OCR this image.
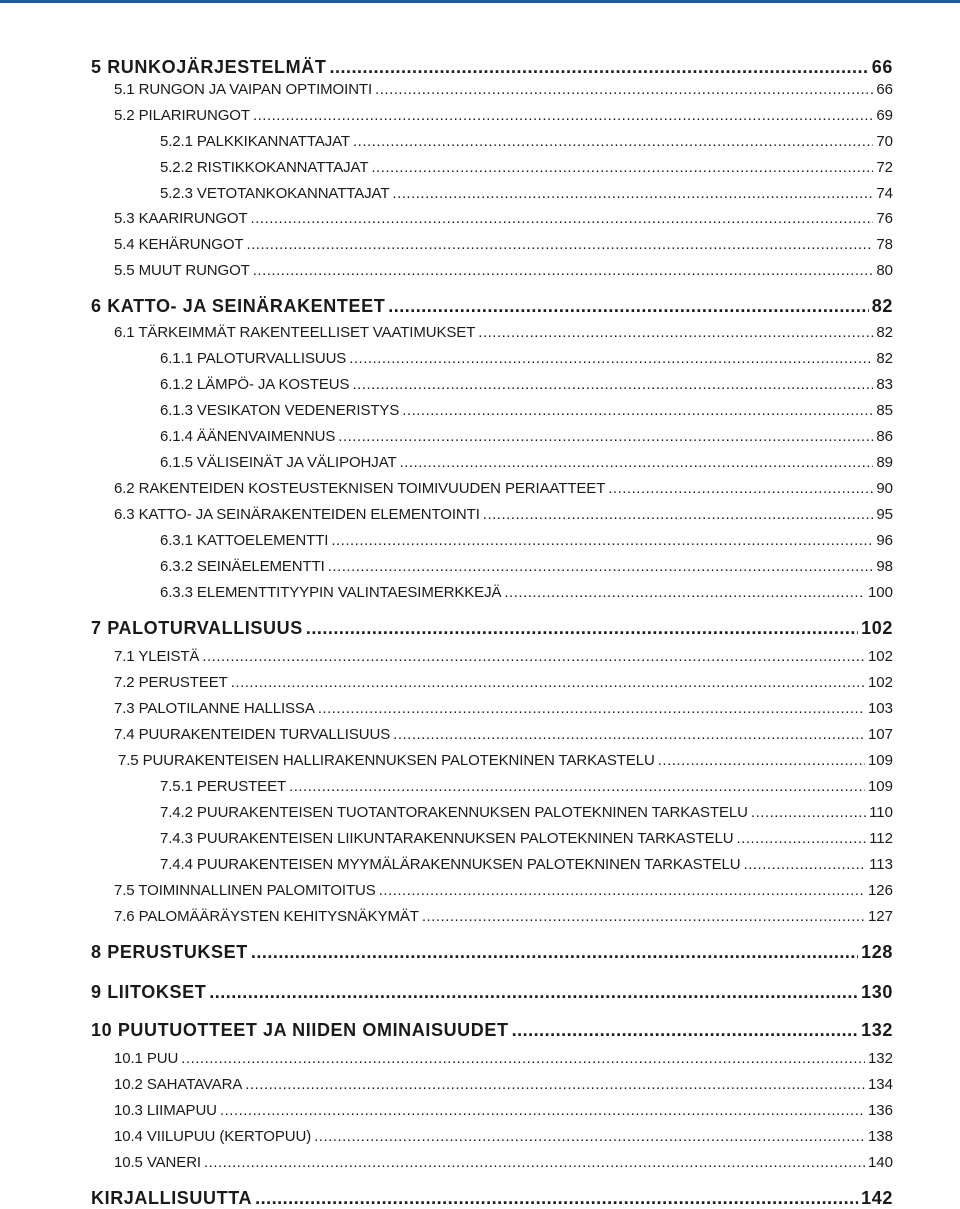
5 RUNKOJÄRJESTELMÄT .....	66
5.1 RUNGON JA VAIPAN OPTIMOINTI .....	66
5.2 PILARIRUNGOT .....	69
5.2.1 PALKKIKANNATTAJAT .....	70
5.2.2 RISTIKKOKANNATTAJAT .....	72
5.2.3 VETOTANKOKANNATTAJAT .....	74
5.3 KAARIRUNGOT .....	76
5.4 KEHÄRUNGOT .....	78
5.5 MUUT RUNGOT .....	80
6 KATTO- JA SEINÄRAKENTEET .....	82
6.1 TÄRKEIMMÄT RAKENTEELLISET VAATIMUKSET .....	82
6.1.1 PALOTURVALLISUUS .....	82
6.1.2 LÄMPÖ- JA KOSTEUS .....	83
6.1.3 VESIKATON VEDENERISTYS .....	85
6.1.4 ÄÄNENVAIMENNUS .....	86
6.1.5 VÄLISEINÄT JA VÄLIPOHJAT .....	89
6.2 RAKENTEIDEN KOSTEUSTEKNISEN TOIMIVUUDEN PERIAATTEET .....	90
6.3 KATTO- JA SEINÄRAKENTEIDEN ELEMENTOINTI .....	95
6.3.1 KATTOELEMENTTI .....	96
6.3.2 SEINÄELEMENTTI .....	98
6.3.3 ELEMENTTITYYPIN VALINTAESIMERKKEJÄ .....	100
7 PALOTURVALLISUUS .....	102
7.1 YLEISTÄ .....	102
7.2 PERUSTEET .....	102
7.3 PALOTILANNE HALLISSA .....	103
7.4 PUURAKENTEIDEN TURVALLISUUS .....	107
7.5 PUURAKENTEISEN HALLIRAKENNUKSEN PALOTEKNINEN TARKASTELU .....	109
7.5.1 PERUSTEET .....	109
7.4.2 PUURAKENTEISEN TUOTANTORAKENNUKSEN PALOTEKNINEN TARKASTELU .....	110
7.4.3 PUURAKENTEISEN LIIKUNTARAKENNUKSEN PALOTEKNINEN TARKASTELU .....	112
7.4.4 PUURAKENTEISEN MYYMÄLÄRAKENNUKSEN PALOTEKNINEN TARKASTELU .....	113
7.5 TOIMINNALLINEN PALOMITOITUS .....	126
7.6 PALOMÄÄRÄYSTEN KEHITYSNÄKYMÄT .....	127
8 PERUSTUKSET .....	128
9 LIITOKSET .....	130
10 PUUTUOTTEET JA NIIDEN OMINAISUUDET .....	132
10.1 PUU .....	132
10.2 SAHATAVARA .....	134
10.3 LIIMAPUU .....	136
10.4 VIILUPUU (KERTOPUU) .....	138
10.5 VANERI .....	140
KIRJALLISUUTTA .....	142
